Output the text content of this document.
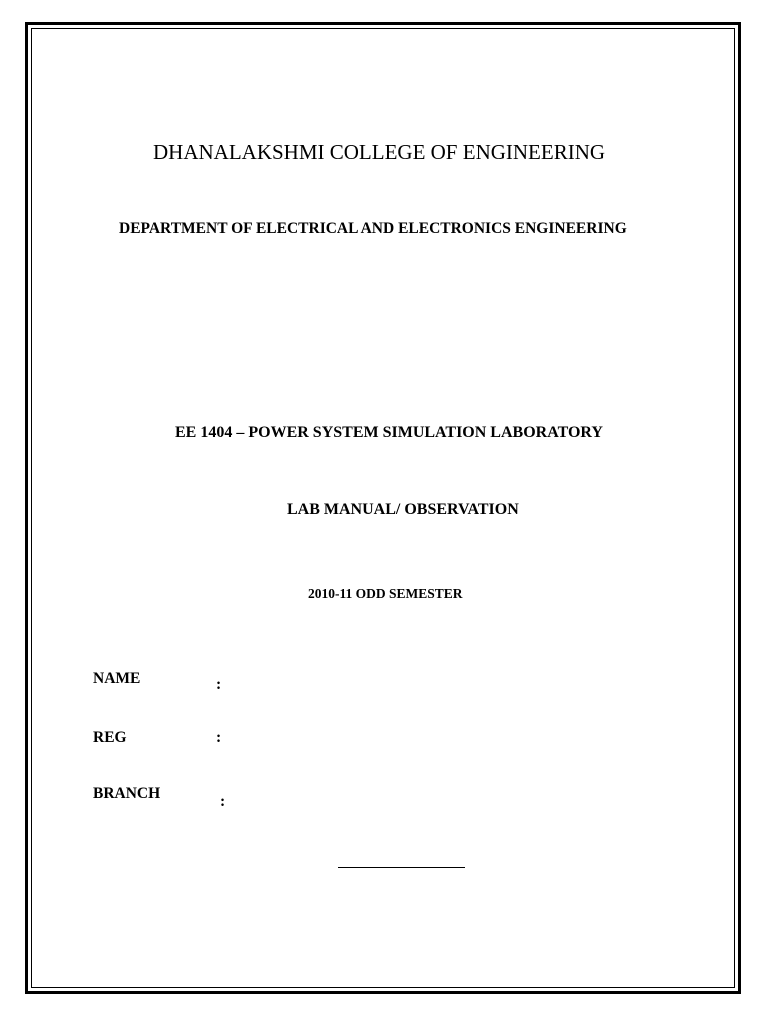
DHANALAKSHMI COLLEGE OF ENGINEERING
DEPARTMENT OF ELECTRICAL AND ELECTRONICS ENGINEERING
EE 1404 – POWER SYSTEM SIMULATION LABORATORY
LAB MANUAL/ OBSERVATION
2010-11 ODD SEMESTER
NAME	:
REG	:
BRANCH	:
